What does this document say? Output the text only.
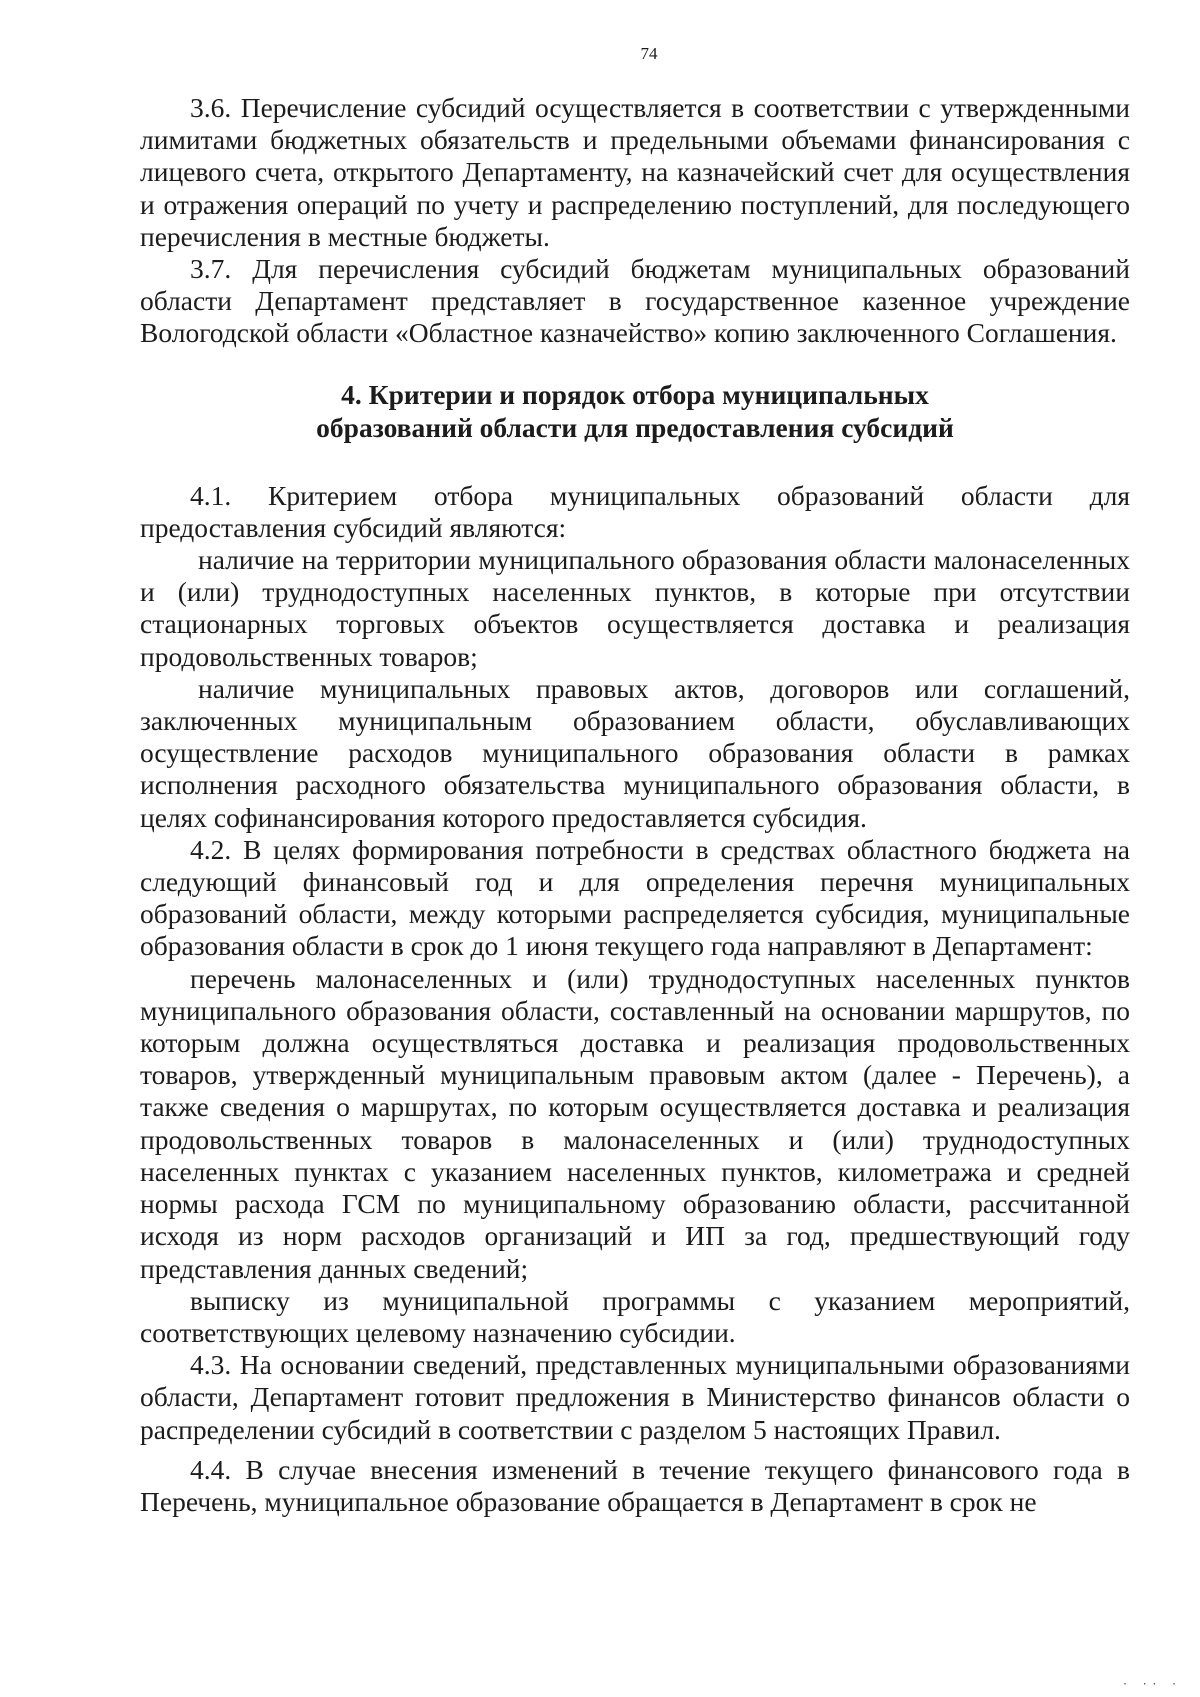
74

3.6. Перечисление субсидий осуществляется в соответствии с утвержденными лимитами бюджетных обязательств и предельными объемами финансирования с лицевого счета, открытого Департаменту, на казначейский счет для осуществления и отражения операций по учету и распределению поступлений, для последующего перечисления в местные бюджеты.

3.7. Для перечисления субсидий бюджетам муниципальных образований области Департамент представляет в государственное казенное учреждение Вологодской области «Областное казначейство» копию заключенного Соглашения.

4. Критерии и порядок отбора муниципальных
образований области для предоставления субсидий

4.1. Критерием отбора муниципальных образований области для предоставления субсидий являются:

наличие на территории муниципального образования области малонаселенных и (или) труднодоступных населенных пунктов, в которые при отсутствии стационарных торговых объектов осуществляется доставка и реализация продовольственных товаров;

наличие муниципальных правовых актов, договоров или соглашений, заключенных муниципальным образованием области, обуславливающих осуществление расходов муниципального образования области в рамках исполнения расходного обязательства муниципального образования области, в целях софинансирования которого предоставляется субсидия.

4.2. В целях формирования потребности в средствах областного бюджета на следующий финансовый год и для определения перечня муниципальных образований области, между которыми распределяется субсидия, муниципальные образования области в срок до 1 июня текущего года направляют в Департамент:

перечень малонаселенных и (или) труднодоступных населенных пунктов муниципального образования области, составленный на основании маршрутов, по которым должна осуществляться доставка и реализация продовольственных товаров, утвержденный муниципальным правовым актом (далее - Перечень), а также сведения о маршрутах, по которым осуществляется доставка и реализация продовольственных товаров в малонаселенных и (или) труднодоступных населенных пунктах с указанием населенных пунктов, километража и средней нормы расхода ГСМ по муниципальному образованию области, рассчитанной исходя из норм расходов организаций и ИП за год, предшествующий году представления данных сведений;

выписку из муниципальной программы с указанием мероприятий, соответствующих целевому назначению субсидии.

4.3. На основании сведений, представленных муниципальными образованиями области, Департамент готовит предложения в Министерство финансов области о распределении субсидий в соответствии с разделом 5 настоящих Правил.

4.4. В случае внесения изменений в течение текущего финансового года в Перечень, муниципальное образование обращается в Департамент в срок не

· ·· ·
